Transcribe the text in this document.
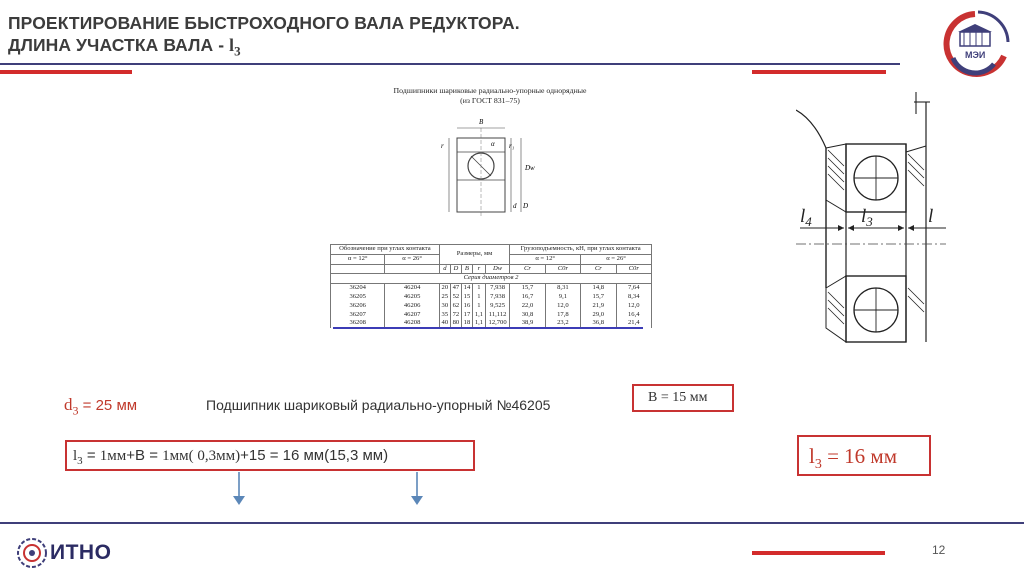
ПРОЕКТИРОВАНИЕ БЫСТРОХОДНОГО ВАЛА РЕДУКТОРА.
ДЛИНА УЧАСТКА ВАЛА - $l_3$	МЭИ
Подшипники шариковые радиально-упорные однорядные
(из ГОСТ 831–75)
B
Dw
D
d
r	r₁
α
Обозначение при углах контакта		Размеры, мм					Грузоподъемность, кН, при углах контакта			
α = 12°	α = 26°						α = 12°		α = 26°	
		d	D	B	r	Dw	Cr	C0r	Cr	C0r
Серия диаметров 2										
36204	46204	20	47	14	1	7,938	15,7	8,31	14,8	7,64
36205	46205	25	52	15	1	7,938	16,7	9,1	15,7	8,34
36206	46206	30	62	16	1	9,525	22,0	12,0	21,9	12,0
36207	46207	35	72	17	1,1	11,112	30,8	17,8	29,0	16,4
36208	46208	40	80	18	1,1	12,700	38,9	23,2	36,8	21,4
$l_4$	$l_3$	l
$d_3 = 25$ мм	Подшипник шариковый радиально-упорный №46205	B = 15 мм
$l_3 = 1мм+В = 1мм$( 0,3мм)+15 = 16 мм(15,3 мм)	$l_3 = 16$ мм
12
ИТНО
